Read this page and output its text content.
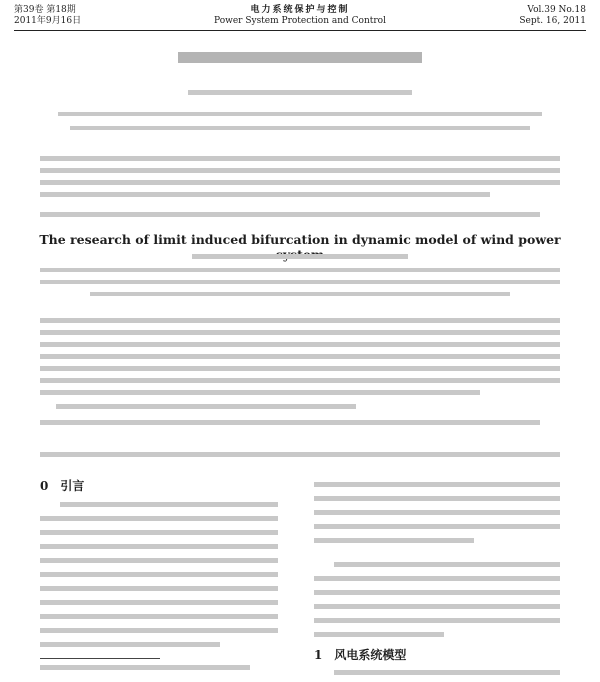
第39卷 第18期
2011年9月16日
电力系统保护与控制
Power System Protection and Control
Vol.39 No.18
Sept. 16, 2011
The research of limit induced bifurcation in dynamic model of wind power
0　引言
1　风电系统模型
